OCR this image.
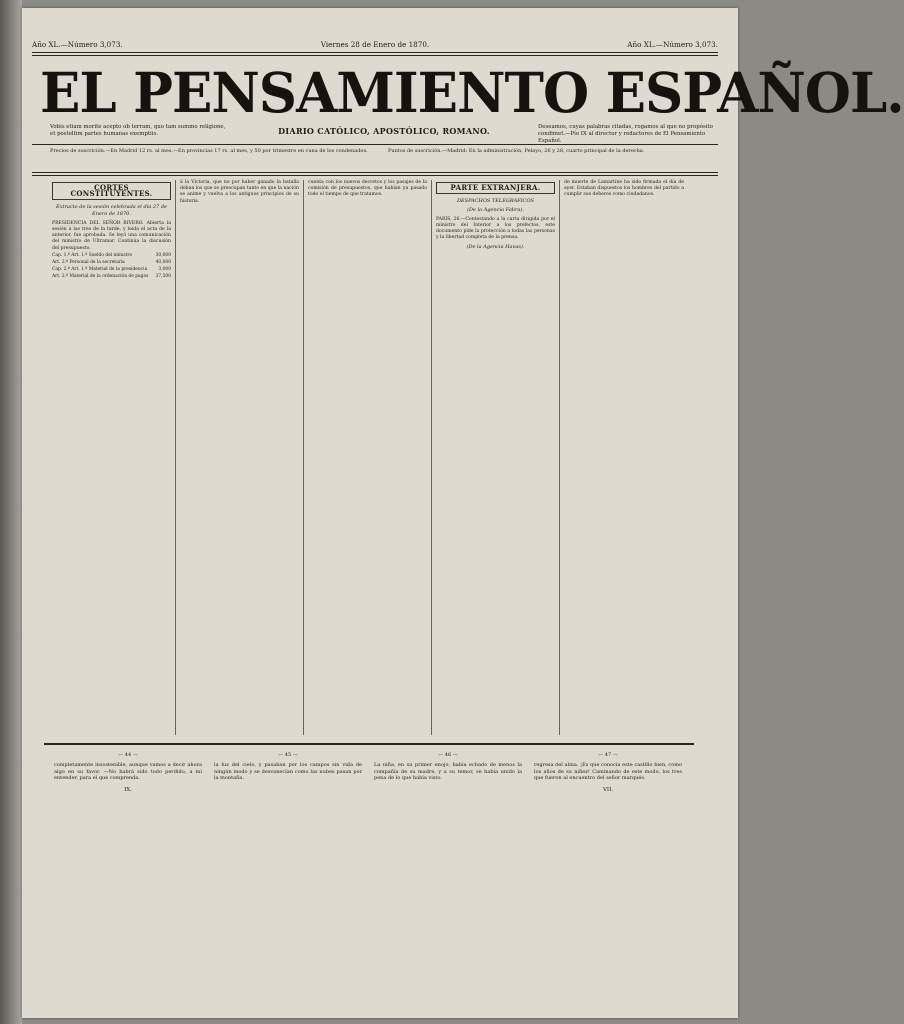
Año XL.—Número 3,073.	Viernes 28 de Enero de 1870.	Año XL.—Número 3,073.
EL PENSAMIENTO ESPAÑOL.
Vobis etiam morite acepto ob terram, quo tam summo religione, et posteltim partes humanas exemptiis.	DIARIO CATÓLICO, APOSTÓLICO, ROMANO.	Deseamos, cuyas palabras citadas, rogamos al que no propósito condimet.—Pío IX al director y redactores de El Pensamiento Español.
Precios de suscrición.—En Madrid 12 rs. al mes.—En provincias 17 rs. al mes, y 50 por trimestre en cuna de los condenados.	Puntos de suscrición.—Madrid: En la administración, Pelayo, 26 y 28, cuarto principal de la derecha.
CORTES CONSTITUYENTES.
Extracto de la sesión celebrada el día 27 de Enero de 1870.

PRESIDENCIA DEL SEÑOR RIVERO. Abierta la sesión á las tres de la tarde, y leida el acta de la anterior, fue aprobada. Se leyó una comunicación del ministro de Ultramar. Continúa la discusión del presupuesto.

Cap. 1.º Art. 1.º Sueldo del ministro	30,000
Art. 2.º Personal de la secretaría	40,000
Cap. 2.º Art. 1.º Material de la presidencia	3,000
Art. 2.º Material de la ordenación de pagos 37,500

á la Victoria, que no por haber ganado la batalla deban los que se preocupan tanto en que la nación se anime y vuelva a los antiguos principios de su historia.

cuenta con los nuevos decretos y los pasajes de la comisión de presupuestos, que habían ya pasado todo el tiempo de que tratamos.

PARTE EXTRANJERA.
DESPACHOS TELEGRÁFICOS
(De la Agencia Fabra).

PARÍS, 26.—Contestando a la carta dirigida por el ministro del Interior a los prefectos, este documento pide la protección a todas las personas y la libertad completa de la prensa.

(De la Agencia Havas).

de muerte de Lamartine ha sido firmada el día de ayer. Estaban dispuestos los hombres del partido a cumplir sus deberes como ciudadanos.

— 44 —

completamente insostenible, aunque vamos a decir ahora algo en su favor. —No habrá sido todo perdido, a mi entender, para el que comprenda.

IX.
— 45 —

la luz del cielo, y pasaban por los campos sin vida de ningún modo y se desvanecían como las nubes pasan por la montaña.

— 46 —

La niña, en su primer enojo, había echado de menos la compañía de su madre, y a su temor, se había unido la pena de lo que había visto.

— 47 —

regresa del alma. ¡Es que conocía este castillo bien, como los años de su niñez! Caminando de este modo, los tres que fueron al encuentro del señor marqués.

VII.
